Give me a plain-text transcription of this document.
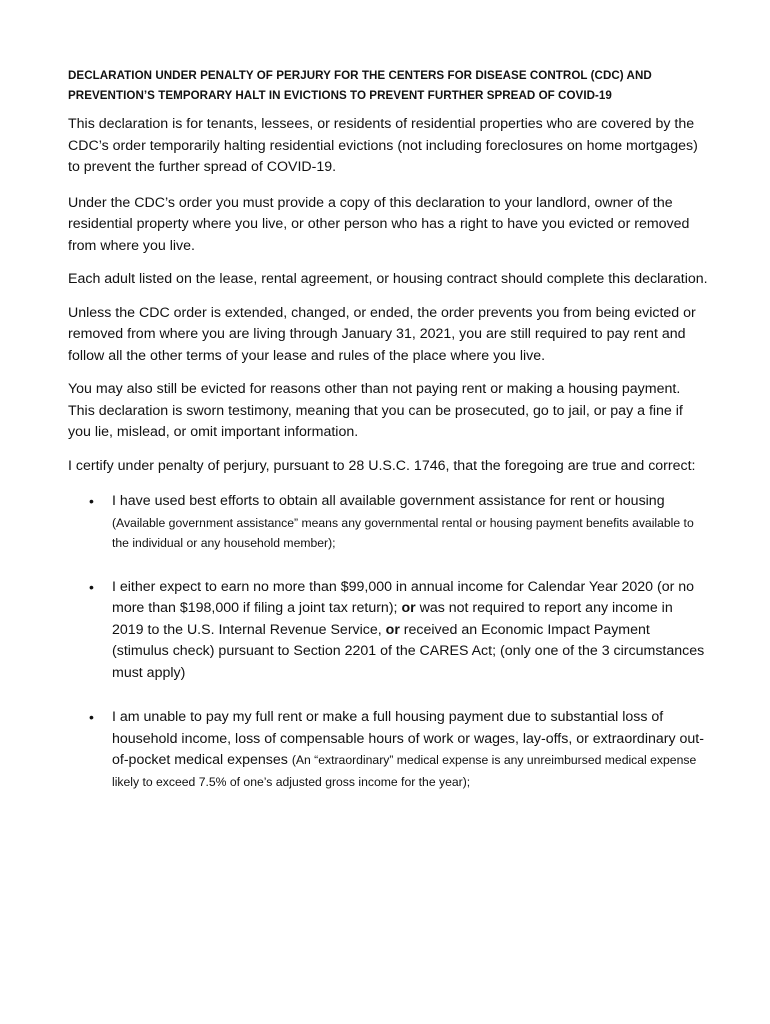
DECLARATION UNDER PENALTY OF PERJURY FOR THE CENTERS FOR DISEASE CONTROL (CDC) AND PREVENTION’S TEMPORARY HALT IN EVICTIONS TO PREVENT FURTHER SPREAD OF COVID-19

This declaration is for tenants, lessees, or residents of residential properties who are covered by the CDC’s order temporarily halting residential evictions (not including foreclosures on home mortgages) to prevent the further spread of COVID-19.

Under the CDC’s order you must provide a copy of this declaration to your landlord, owner of the residential property where you live, or other person who has a right to have you evicted or removed from where you live.

Each adult listed on the lease, rental agreement, or housing contract should complete this declaration.

Unless the CDC order is extended, changed, or ended, the order prevents you from being evicted or removed from where you are living through January 31, 2021, you are still required to pay rent and follow all the other terms of your lease and rules of the place where you live.

You may also still be evicted for reasons other than not paying rent or making a housing payment. This declaration is sworn testimony, meaning that you can be prosecuted, go to jail, or pay a fine if you lie, mislead, or omit important information.

I certify under penalty of perjury, pursuant to 28 U.S.C. 1746, that the foregoing are true and correct:

• I have used best efforts to obtain all available government assistance for rent or housing
(Available government assistance” means any governmental rental or housing payment benefits available to the individual or any household member);
• I either expect to earn no more than $99,000 in annual income for Calendar Year 2020 (or no more than $198,000 if filing a joint tax return); or was not required to report any income in 2019 to the U.S. Internal Revenue Service, or received an Economic Impact Payment (stimulus check) pursuant to Section 2201 of the CARES Act; (only one of the 3 circumstances must apply)
• I am unable to pay my full rent or make a full housing payment due to substantial loss of household income, loss of compensable hours of work or wages, lay-offs, or extraordinary out-of-pocket medical expenses (An “extraordinary” medical expense is any unreimbursed medical expense likely to exceed 7.5% of one’s adjusted gross income for the year);
